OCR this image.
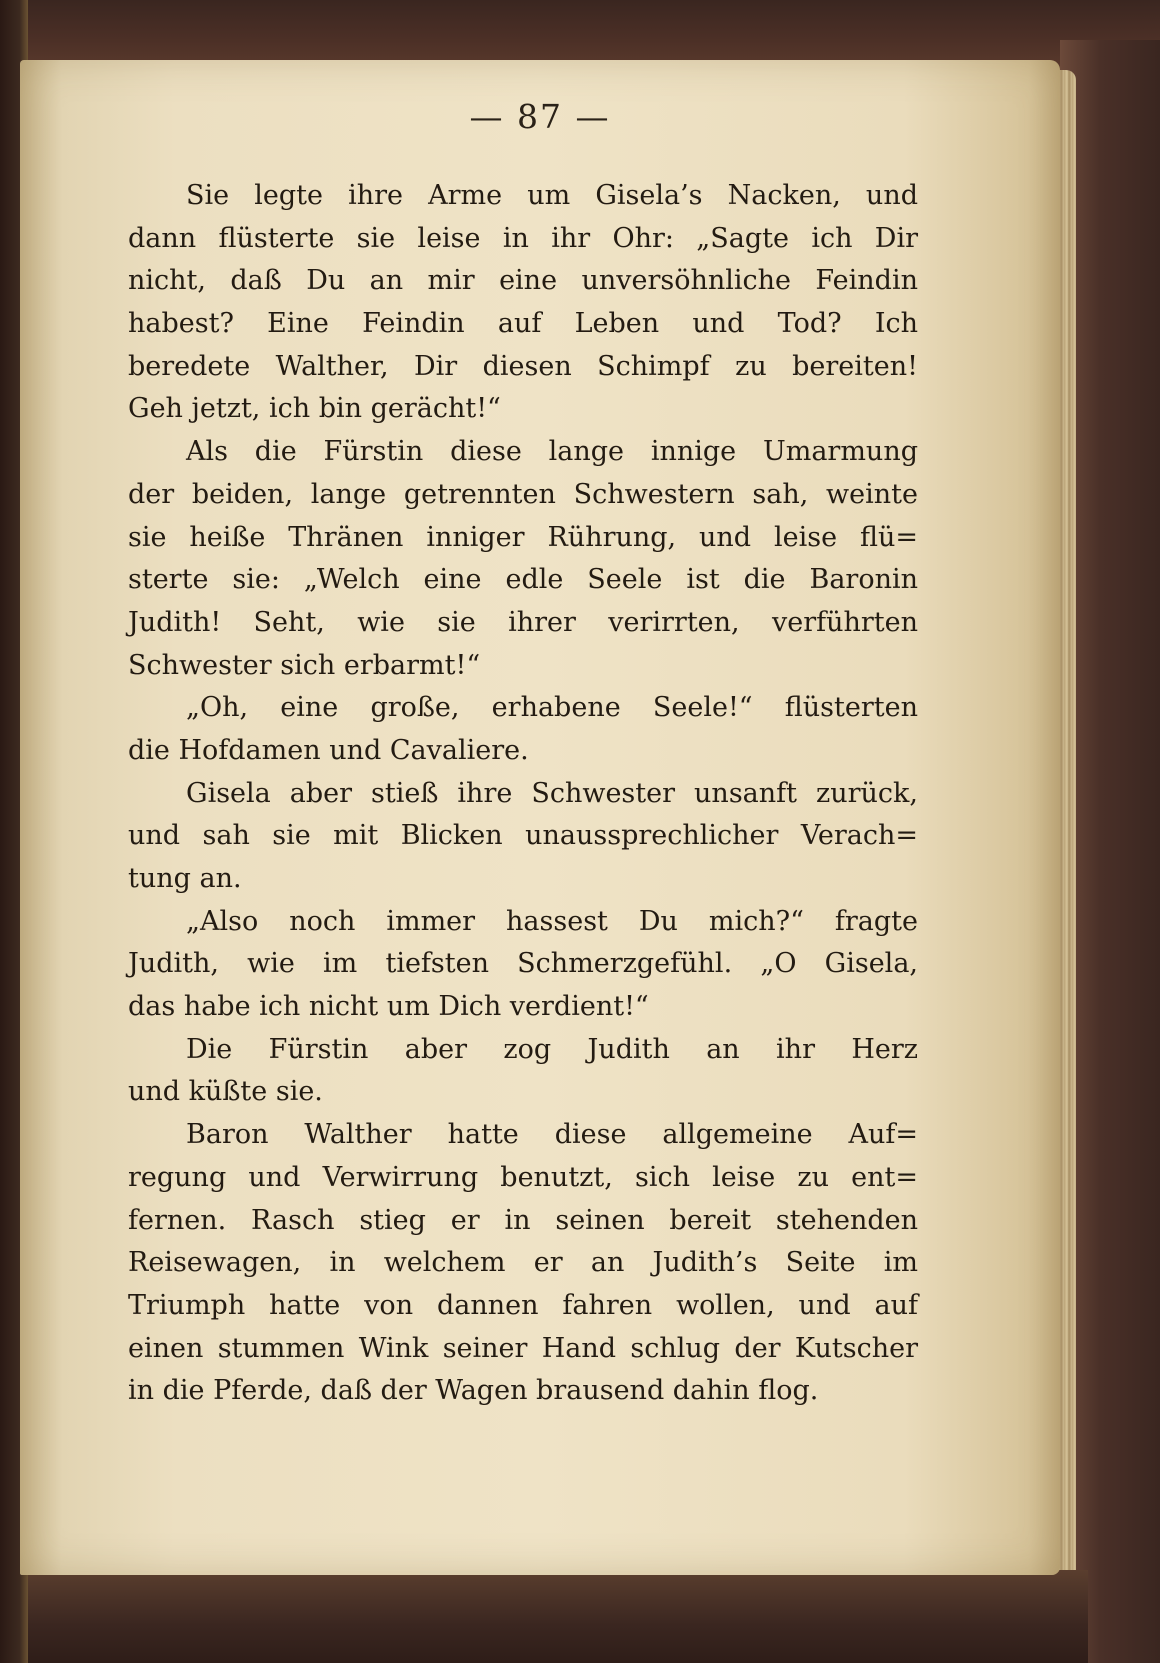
— 87 —
Sie legte ihre Arme um Gisela’s Nacken, und
dann flüsterte sie leise in ihr Ohr: „Sagte ich Dir
nicht, daß Du an mir eine unversöhnliche Feindin
habest? Eine Feindin auf Leben und Tod? Ich
beredete Walther, Dir diesen Schimpf zu bereiten!
Geh jetzt, ich bin gerächt!“
Als die Fürstin diese lange innige Umarmung
der beiden, lange getrennten Schwestern sah, weinte
sie heiße Thränen inniger Rührung, und leise flü=
sterte sie: „Welch eine edle Seele ist die Baronin
Judith! Seht, wie sie ihrer verirrten, verführten
Schwester sich erbarmt!“
„Oh, eine große, erhabene Seele!“ flüsterten
die Hofdamen und Cavaliere.
Gisela aber stieß ihre Schwester unsanft zurück,
und sah sie mit Blicken unaussprechlicher Verach=
tung an.
„Also noch immer hassest Du mich?“ fragte
Judith, wie im tiefsten Schmerzgefühl. „O Gisela,
das habe ich nicht um Dich verdient!“
Die Fürstin aber zog Judith an ihr Herz
und küßte sie.
Baron Walther hatte diese allgemeine Auf=
regung und Verwirrung benutzt, sich leise zu ent=
fernen. Rasch stieg er in seinen bereit stehenden
Reisewagen, in welchem er an Judith’s Seite im
Triumph hatte von dannen fahren wollen, und auf
einen stummen Wink seiner Hand schlug der Kutscher
in die Pferde, daß der Wagen brausend dahin flog.
